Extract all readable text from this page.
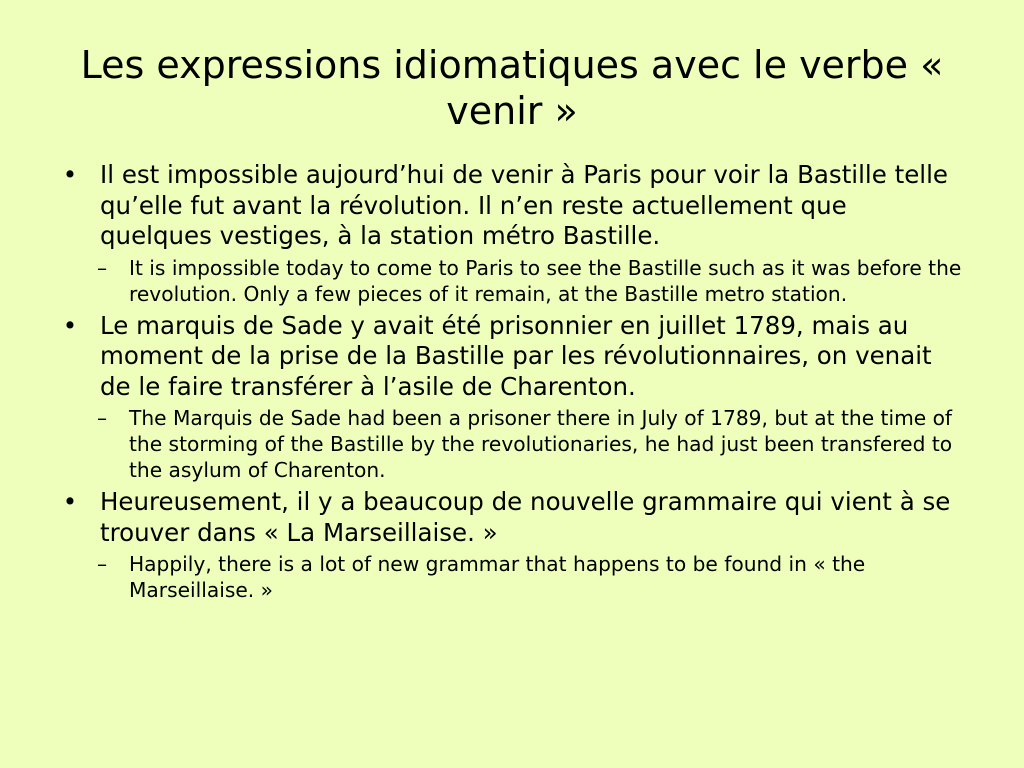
Les expressions idiomatiques avec le verbe « venir »
• Il est impossible aujourd’hui de venir à Paris pour voir la Bastille telle qu’elle fut avant la révolution. Il n’en reste actuellement que quelques vestiges, à la station métro Bastille.
–	It is impossible today to come to Paris to see the Bastille such as it was before the revolution. Only a few pieces of it remain, at the Bastille metro station.
• Le marquis de Sade y avait été prisonnier en juillet 1789, mais au moment de la prise de la Bastille par les révolutionnaires, on venait de le faire transférer à l’asile de Charenton.
–	The Marquis de Sade had been a prisoner there in July of 1789, but at the time of the storming of the Bastille by the revolutionaries, he had just been transfered to the asylum of Charenton.
• Heureusement, il y a beaucoup de nouvelle grammaire qui vient à se trouver dans « La Marseillaise. »
–	Happily, there is a lot of new grammar that happens to be found in « the Marseillaise. »
